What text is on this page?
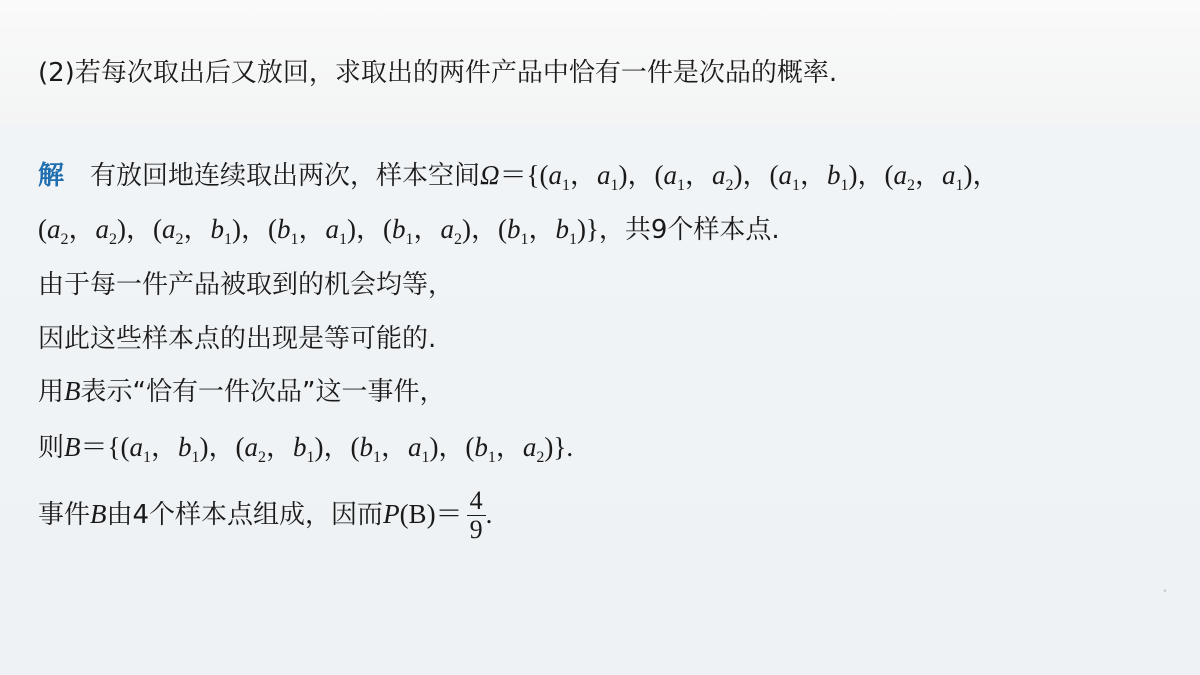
(2)若每次取出后又放回，求取出的两件产品中恰有一件是次品的概率.
解 有放回地连续取出两次，样本空间$\Omega=\{(a_1$，$a_1$)，($a_1$，$a_2$)，($a_1$，$b_1$)，($a_2$，$a_1$)，
($a_2$，$a_2$)，($a_2$，$b_1$)，($b_1$，$a_1$)，($b_1$，$a_2$)，($b_1$，$b_1$)}，共9个样本点.
由于每一件产品被取到的机会均等，
因此这些样本点的出现是等可能的.
用B表示“恰有一件次品”这一事件，
则$B=\{(a_1$，$b_1$)，($a_2$，$b_1$)，($b_1$，$a_1$)，($b_1$，$a_2$)}.
事件B由4个样本点组成，因而$P(B)= \frac{4}{9}$ .
•
